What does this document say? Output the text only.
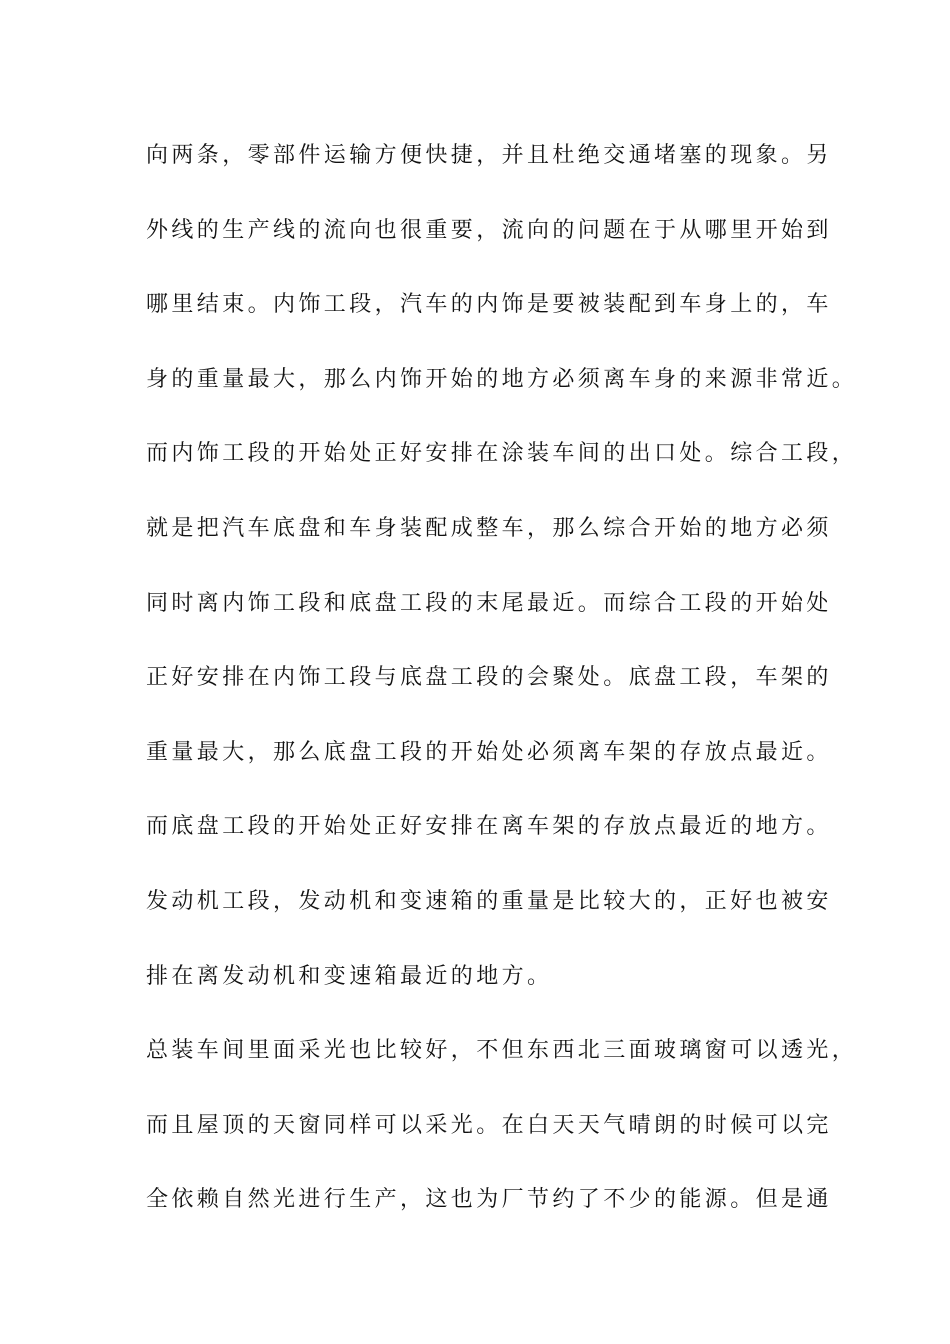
向两条，零部件运输方便快捷，并且杜绝交通堵塞的现象。另
外线的生产线的流向也很重要，流向的问题在于从哪里开始到
哪里结束。内饰工段，汽车的内饰是要被装配到车身上的，车
身的重量最大，那么内饰开始的地方必须离车身的来源非常近。
而内饰工段的开始处正好安排在涂装车间的出口处。综合工段，
就是把汽车底盘和车身装配成整车，那么综合开始的地方必须
同时离内饰工段和底盘工段的末尾最近。而综合工段的开始处
正好安排在内饰工段与底盘工段的会聚处。底盘工段，车架的
重量最大，那么底盘工段的开始处必须离车架的存放点最近。
而底盘工段的开始处正好安排在离车架的存放点最近的地方。
发动机工段，发动机和变速箱的重量是比较大的，正好也被安
排在离发动机和变速箱最近的地方。
总装车间里面采光也比较好，不但东西北三面玻璃窗可以透光，
而且屋顶的天窗同样可以采光。在白天天气晴朗的时候可以完
全依赖自然光进行生产，这也为厂节约了不少的能源。但是通
